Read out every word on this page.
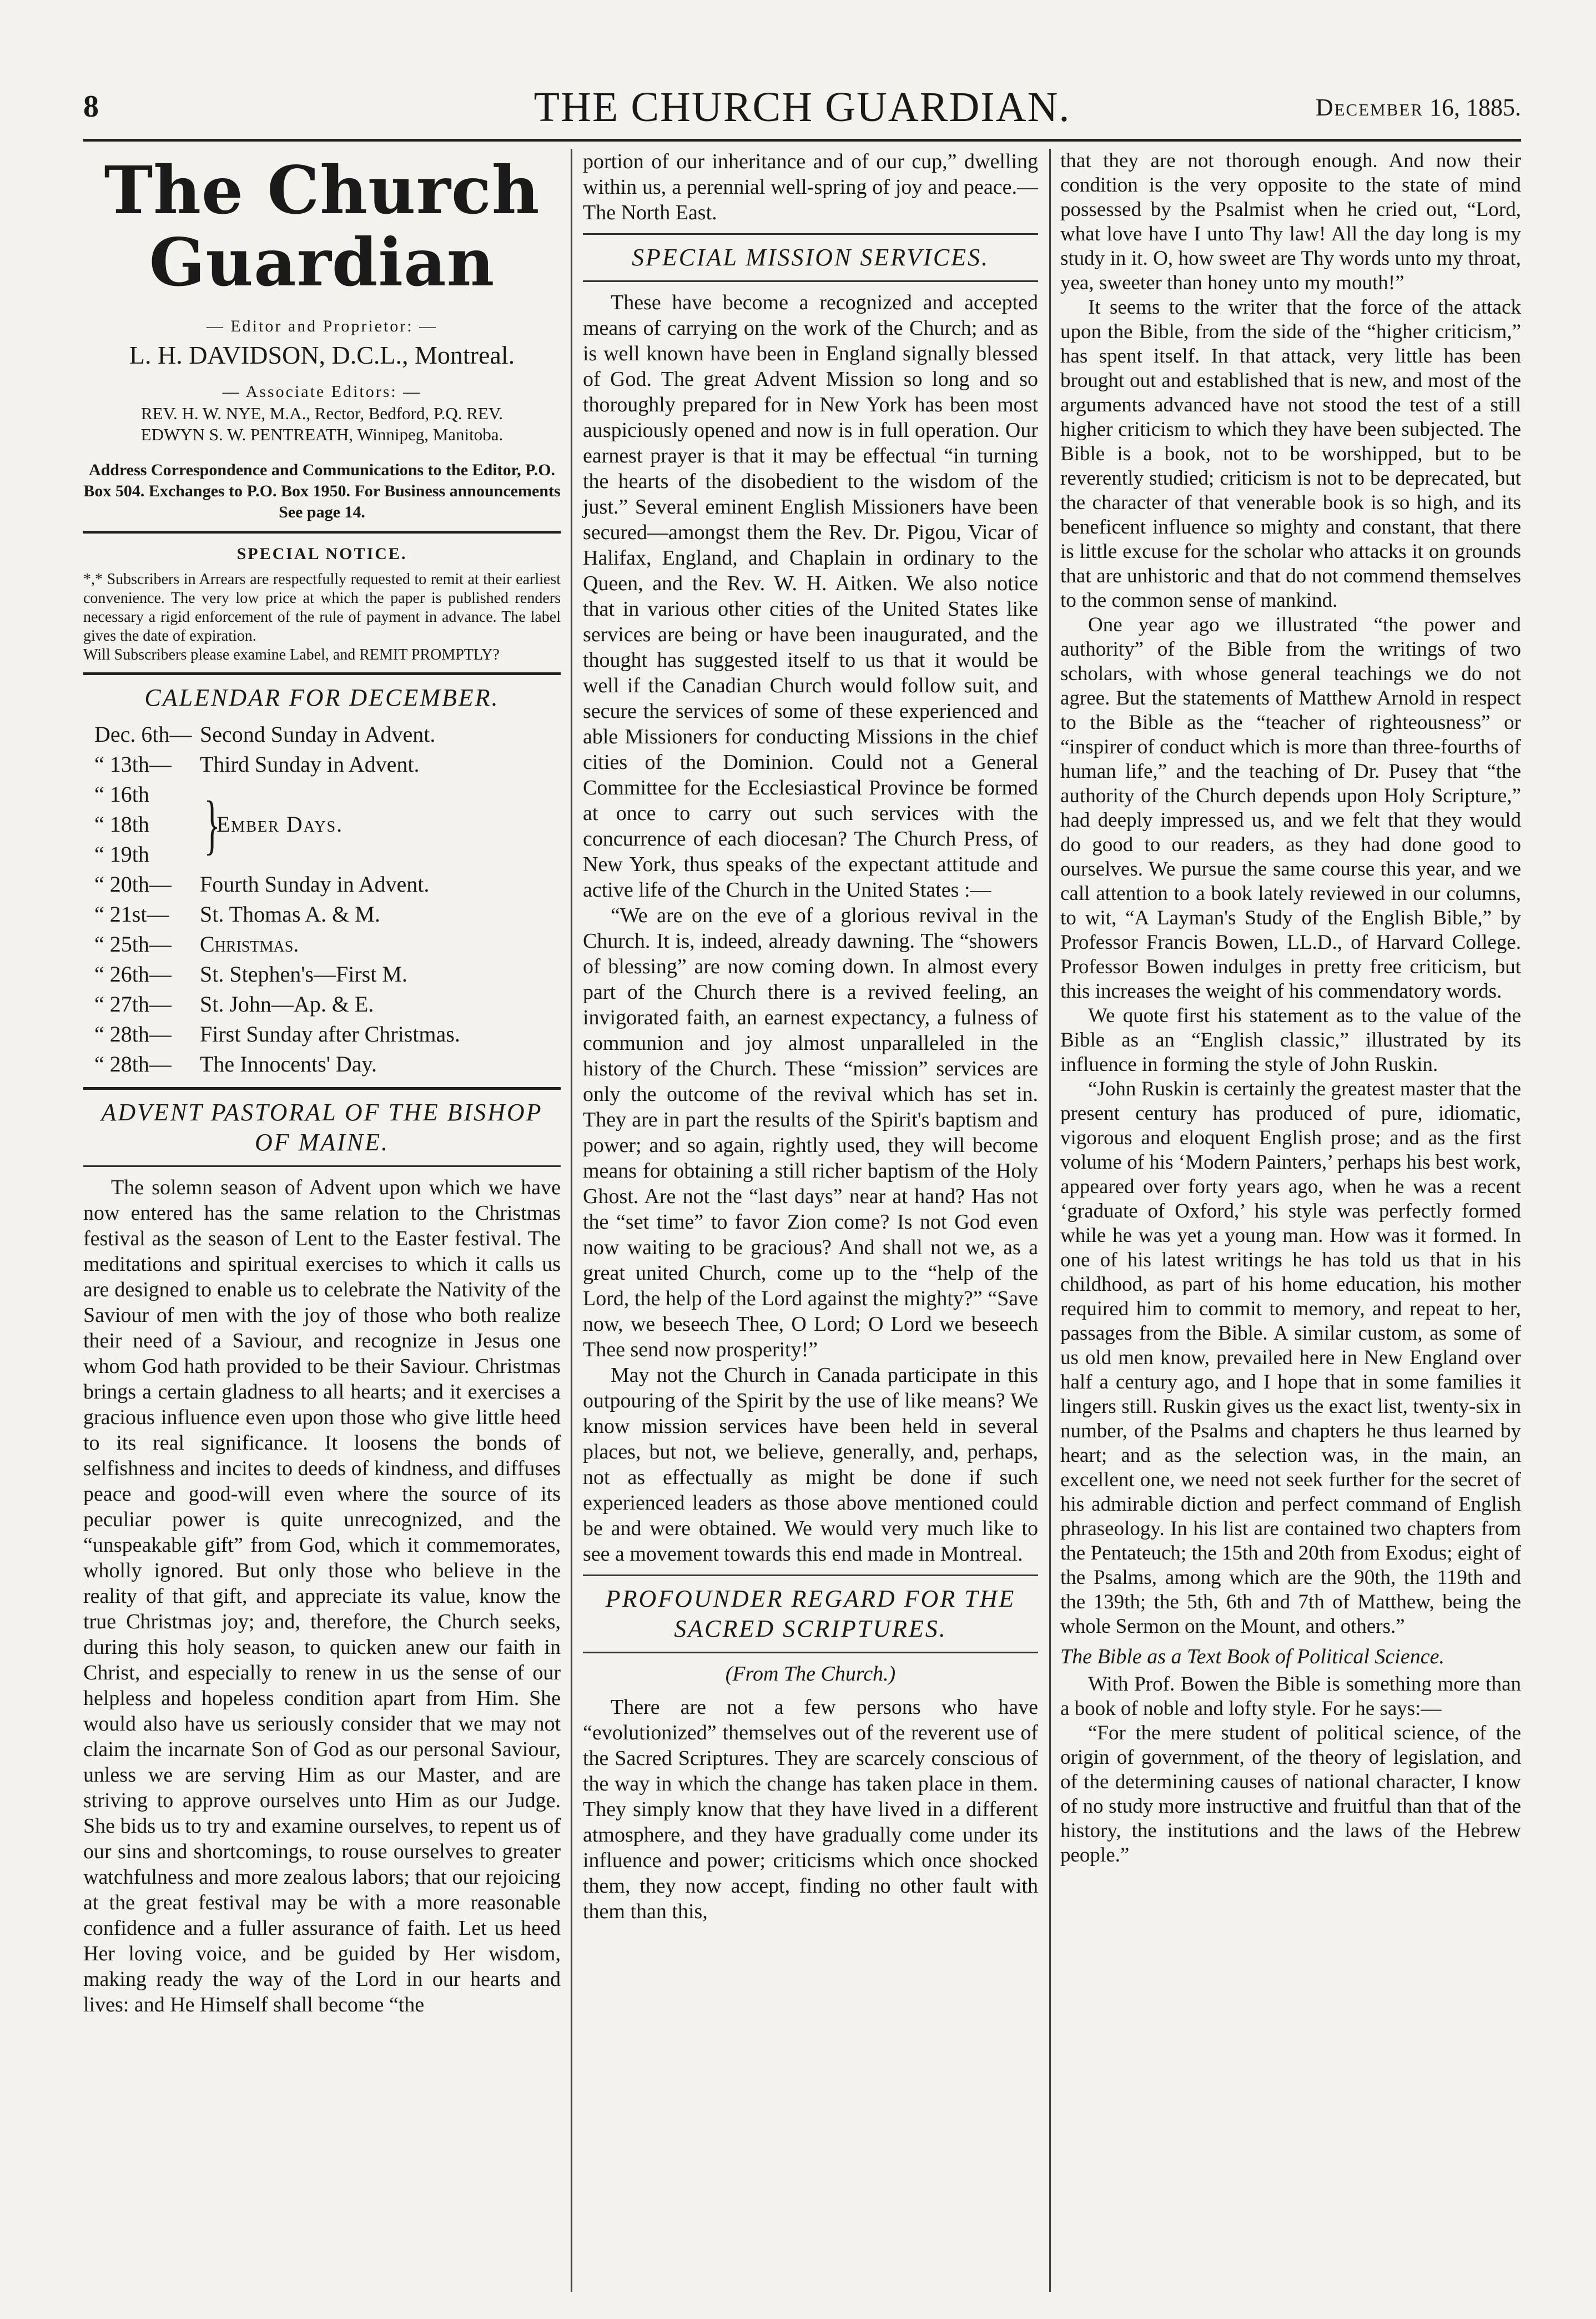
8	THE CHURCH GUARDIAN.	December 16, 1885.
The Church Guardian
— Editor and Proprietor: —
L. H. DAVIDSON, D.C.L., Montreal.
— Associate Editors: —
REV. H. W. NYE, M.A., Rector, Bedford, P.Q. REV.
EDWYN S. W. PENTREATH, Winnipeg, Manitoba.
Address Correspondence and Communications to the Editor, P.O. Box 504. Exchanges to P.O. Box 1950. For Business announcements See page 14.
SPECIAL NOTICE.
*,* Subscribers in Arrears are respectfully requested to remit at their earliest convenience. The very low price at which the paper is published renders necessary a rigid enforcement of the rule of payment in advance. The label gives the date of expiration.
Will Subscribers please examine Label, and REMIT PROMPTLY?
CALENDAR FOR DECEMBER.
Dec. 6th— Second Sunday in Advent.
“ 13th—	Third Sunday in Advent.
“ 16th
“ 18th
“ 19th }
Ember Days.
“ 20th—	Fourth Sunday in Advent.
“ 21st—	St. Thomas A. & M.
“ 25th—	Christmas.
“ 26th—	St. Stephen's—First M.
“ 27th—	St. John—Ap. & E.
“ 28th—	First Sunday after Christmas.
“ 28th—	The Innocents' Day.
ADVENT PASTORAL OF THE BISHOP OF MAINE.

The solemn season of Advent upon which we have now entered has the same relation to the Christmas festival as the season of Lent to the Easter festival. The meditations and spiritual exercises to which it calls us are designed to enable us to celebrate the Nativity of the Saviour of men with the joy of those who both realize their need of a Saviour, and recognize in Jesus one whom God hath provided to be their Saviour. Christmas brings a certain gladness to all hearts; and it exercises a gracious influence even upon those who give little heed to its real significance. It loosens the bonds of selfishness and incites to deeds of kindness, and diffuses peace and good-will even where the source of its peculiar power is quite unrecognized, and the “unspeakable gift” from God, which it commemorates, wholly ignored. But only those who believe in the reality of that gift, and appreciate its value, know the true Christmas joy; and, therefore, the Church seeks, during this holy season, to quicken anew our faith in Christ, and especially to renew in us the sense of our helpless and hopeless condition apart from Him. She would also have us seriously consider that we may not claim the incarnate Son of God as our personal Saviour, unless we are serving Him as our Master, and are striving to approve ourselves unto Him as our Judge. She bids us to try and examine ourselves, to repent us of our sins and shortcomings, to rouse ourselves to greater watchfulness and more zealous labors; that our rejoicing at the great festival may be with a more reasonable confidence and a fuller assurance of faith. Let us heed Her loving voice, and be guided by Her wisdom, making ready the way of the Lord in our hearts and lives: and He Himself shall become “the

portion of our inheritance and of our cup,” dwelling within us, a perennial well-spring of joy and peace.—The North East.

SPECIAL MISSION SERVICES.

These have become a recognized and accepted means of carrying on the work of the Church; and as is well known have been in England signally blessed of God. The great Advent Mission so long and so thoroughly prepared for in New York has been most auspiciously opened and now is in full operation. Our earnest prayer is that it may be effectual “in turning the hearts of the disobedient to the wisdom of the just.” Several eminent English Missioners have been secured—amongst them the Rev. Dr. Pigou, Vicar of Halifax, England, and Chaplain in ordinary to the Queen, and the Rev. W. H. Aitken. We also notice that in various other cities of the United States like services are being or have been inaugurated, and the thought has suggested itself to us that it would be well if the Canadian Church would follow suit, and secure the services of some of these experienced and able Missioners for conducting Missions in the chief cities of the Dominion. Could not a General Committee for the Ecclesiastical Province be formed at once to carry out such services with the concurrence of each diocesan? The Church Press, of New York, thus speaks of the expectant attitude and active life of the Church in the United States :—

“We are on the eve of a glorious revival in the Church. It is, indeed, already dawning. The “showers of blessing” are now coming down. In almost every part of the Church there is a revived feeling, an invigorated faith, an earnest expectancy, a fulness of communion and joy almost unparalleled in the history of the Church. These “mission” services are only the outcome of the revival which has set in. They are in part the results of the Spirit's baptism and power; and so again, rightly used, they will become means for obtaining a still richer baptism of the Holy Ghost. Are not the “last days” near at hand? Has not the “set time” to favor Zion come? Is not God even now waiting to be gracious? And shall not we, as a great united Church, come up to the “help of the Lord, the help of the Lord against the mighty?” “Save now, we beseech Thee, O Lord; O Lord we beseech Thee send now prosperity!”

May not the Church in Canada participate in this outpouring of the Spirit by the use of like means? We know mission services have been held in several places, but not, we believe, generally, and, perhaps, not as effectually as might be done if such experienced leaders as those above mentioned could be and were obtained. We would very much like to see a movement towards this end made in Montreal.

PROFOUNDER REGARD FOR THE SACRED SCRIPTURES.
(From The Church.)

There are not a few persons who have “evolutionized” themselves out of the reverent use of the Sacred Scriptures. They are scarcely conscious of the way in which the change has taken place in them. They simply know that they have lived in a different atmosphere, and they have gradually come under its influence and power; criticisms which once shocked them, they now accept, finding no other fault with them than this,

that they are not thorough enough. And now their condition is the very opposite to the state of mind possessed by the Psalmist when he cried out, “Lord, what love have I unto Thy law! All the day long is my study in it. O, how sweet are Thy words unto my throat, yea, sweeter than honey unto my mouth!”

It seems to the writer that the force of the attack upon the Bible, from the side of the “higher criticism,” has spent itself. In that attack, very little has been brought out and established that is new, and most of the arguments advanced have not stood the test of a still higher criticism to which they have been subjected. The Bible is a book, not to be worshipped, but to be reverently studied; criticism is not to be deprecated, but the character of that venerable book is so high, and its beneficent influence so mighty and constant, that there is little excuse for the scholar who attacks it on grounds that are unhistoric and that do not commend themselves to the common sense of mankind.

One year ago we illustrated “the power and authority” of the Bible from the writings of two scholars, with whose general teachings we do not agree. But the statements of Matthew Arnold in respect to the Bible as the “teacher of righteousness” or “inspirer of conduct which is more than three-fourths of human life,” and the teaching of Dr. Pusey that “the authority of the Church depends upon Holy Scripture,” had deeply impressed us, and we felt that they would do good to our readers, as they had done good to ourselves. We pursue the same course this year, and we call attention to a book lately reviewed in our columns, to wit, “A Layman's Study of the English Bible,” by Professor Francis Bowen, LL.D., of Harvard College. Professor Bowen indulges in pretty free criticism, but this increases the weight of his commendatory words.

We quote first his statement as to the value of the Bible as an “English classic,” illustrated by its influence in forming the style of John Ruskin.

“John Ruskin is certainly the greatest master that the present century has produced of pure, idiomatic, vigorous and eloquent English prose; and as the first volume of his ‘Modern Painters,’ perhaps his best work, appeared over forty years ago, when he was a recent ‘graduate of Oxford,’ his style was perfectly formed while he was yet a young man. How was it formed. In one of his latest writings he has told us that in his childhood, as part of his home education, his mother required him to commit to memory, and repeat to her, passages from the Bible. A similar custom, as some of us old men know, prevailed here in New England over half a century ago, and I hope that in some families it lingers still. Ruskin gives us the exact list, twenty-six in number, of the Psalms and chapters he thus learned by heart; and as the selection was, in the main, an excellent one, we need not seek further for the secret of his admirable diction and perfect command of English phraseology. In his list are contained two chapters from the Pentateuch; the 15th and 20th from Exodus; eight of the Psalms, among which are the 90th, the 119th and the 139th; the 5th, 6th and 7th of Matthew, being the whole Sermon on the Mount, and others.”

The Bible as a Text Book of Political Science.

With Prof. Bowen the Bible is something more than a book of noble and lofty style. For he says:—

“For the mere student of political science, of the origin of government, of the theory of legislation, and of the determining causes of national character, I know of no study more instructive and fruitful than that of the history, the institutions and the laws of the Hebrew people.”
